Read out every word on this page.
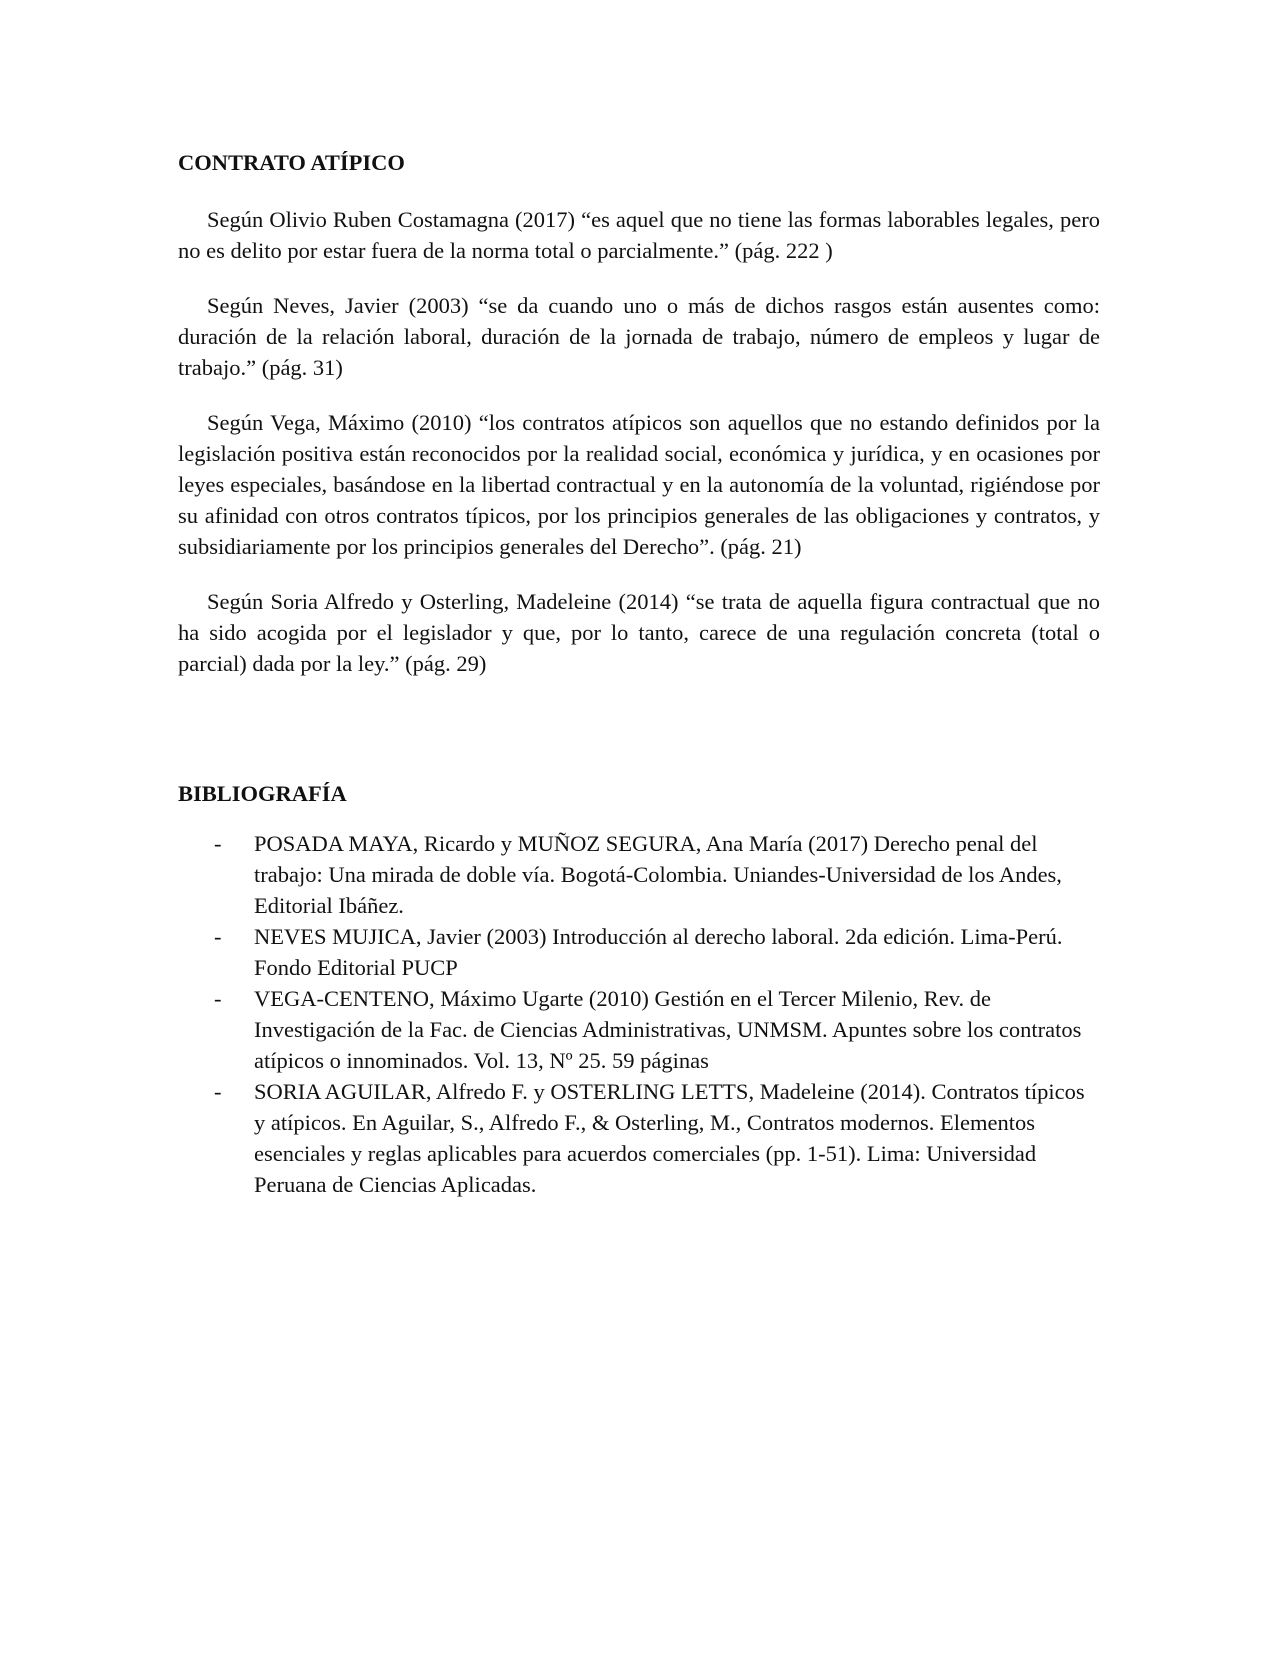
CONTRATO ATÍPICO

Según Olivio Ruben Costamagna (2017) “es aquel que no tiene las formas laborables legales, pero no es delito por estar fuera de la norma total o parcialmente.” (pág. 222 )

Según Neves, Javier (2003) “se da cuando uno o más de dichos rasgos están ausentes como: duración de la relación laboral, duración de la jornada de trabajo, número de empleos y lugar de trabajo.” (pág. 31)

Según Vega, Máximo (2010) “los contratos atípicos son aquellos que no estando definidos por la legislación positiva están reconocidos por la realidad social, económica y jurídica, y en ocasiones por leyes especiales, basándose en la libertad contractual y en la autonomía de la voluntad, rigiéndose por su afinidad con otros contratos típicos, por los principios generales de las obligaciones y contratos, y subsidiariamente por los principios generales del Derecho”. (pág. 21)

Según Soria Alfredo y Osterling, Madeleine (2014) “se trata de aquella figura contractual que no ha sido acogida por el legislador y que, por lo tanto, carece de una regulación concreta (total o parcial) dada por la ley.” (pág. 29)

BIBLIOGRAFÍA
- POSADA MAYA, Ricardo y MUÑOZ SEGURA, Ana María (2017) Derecho penal del trabajo: Una mirada de doble vía. Bogotá-Colombia. Uniandes-Universidad de los Andes, Editorial Ibáñez.
- NEVES MUJICA, Javier (2003) Introducción al derecho laboral. 2da edición. Lima-Perú. Fondo Editorial PUCP
- VEGA-CENTENO, Máximo Ugarte (2010) Gestión en el Tercer Milenio, Rev. de Investigación de la Fac. de Ciencias Administrativas, UNMSM. Apuntes sobre los contratos atípicos o innominados. Vol. 13, Nº 25. 59 páginas
- SORIA AGUILAR, Alfredo F. y OSTERLING LETTS, Madeleine (2014). Contratos típicos y atípicos. En Aguilar, S., Alfredo F., & Osterling, M., Contratos modernos. Elementos esenciales y reglas aplicables para acuerdos comerciales (pp. 1-51). Lima: Universidad Peruana de Ciencias Aplicadas.
